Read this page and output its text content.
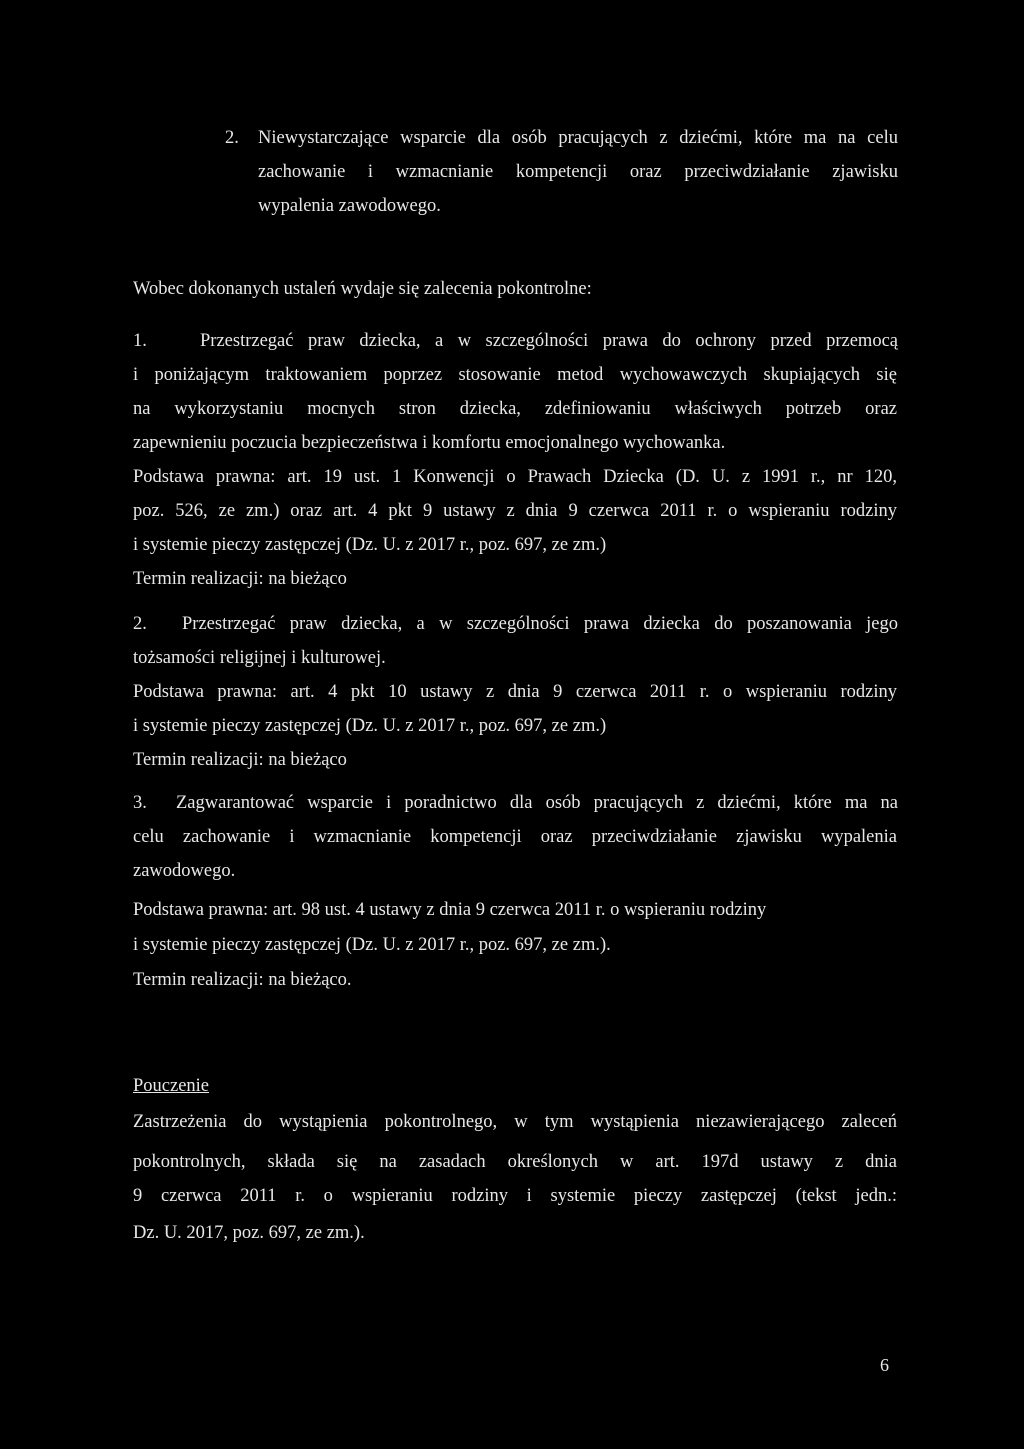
2. Niewystarczające wsparcie dla osób pracujących z dziećmi, które ma na celu
zachowanie i wzmacnianie kompetencji oraz przeciwdziałanie zjawisku
wypalenia zawodowego.
Wobec dokonanych ustaleń wydaje się zalecenia pokontrolne:
1.	Przestrzegać praw dziecka, a w szczególności prawa do ochrony przed przemocą
i poniżającym traktowaniem poprzez stosowanie metod wychowawczych skupiających się
na wykorzystaniu mocnych stron dziecka, zdefiniowaniu właściwych potrzeb oraz
zapewnieniu poczucia bezpieczeństwa i komfortu emocjonalnego wychowanka.
Podstawa prawna: art. 19 ust. 1 Konwencji o Prawach Dziecka (D. U. z 1991 r., nr 120,
poz. 526, ze zm.) oraz art. 4 pkt 9 ustawy z dnia 9 czerwca 2011 r. o wspieraniu rodziny
i systemie pieczy zastępczej (Dz. U. z 2017 r., poz. 697, ze zm.)
Termin realizacji: na bieżąco
2. Przestrzegać praw dziecka, a w szczególności prawa dziecka do poszanowania jego
tożsamości religijnej i kulturowej.
Podstawa prawna: art. 4 pkt 10 ustawy z dnia 9 czerwca 2011 r. o wspieraniu rodziny
i systemie pieczy zastępczej (Dz. U. z 2017 r., poz. 697, ze zm.)
Termin realizacji: na bieżąco
3. Zagwarantować wsparcie i poradnictwo dla osób pracujących z dziećmi, które ma na
celu zachowanie i wzmacnianie kompetencji oraz przeciwdziałanie zjawisku wypalenia
zawodowego.
Podstawa prawna: art. 98 ust. 4 ustawy z dnia 9 czerwca 2011 r. o wspieraniu rodziny
i systemie pieczy zastępczej (Dz. U. z 2017 r., poz. 697, ze zm.).
Termin realizacji: na bieżąco.
Pouczenie
Zastrzeżenia do wystąpienia pokontrolnego, w tym wystąpienia niezawierającego zaleceń
pokontrolnych, składa się na zasadach określonych w art. 197d ustawy z dnia
9 czerwca 2011 r. o wspieraniu rodziny i systemie pieczy zastępczej (tekst jedn.:
Dz. U. 2017, poz. 697, ze zm.).
6
